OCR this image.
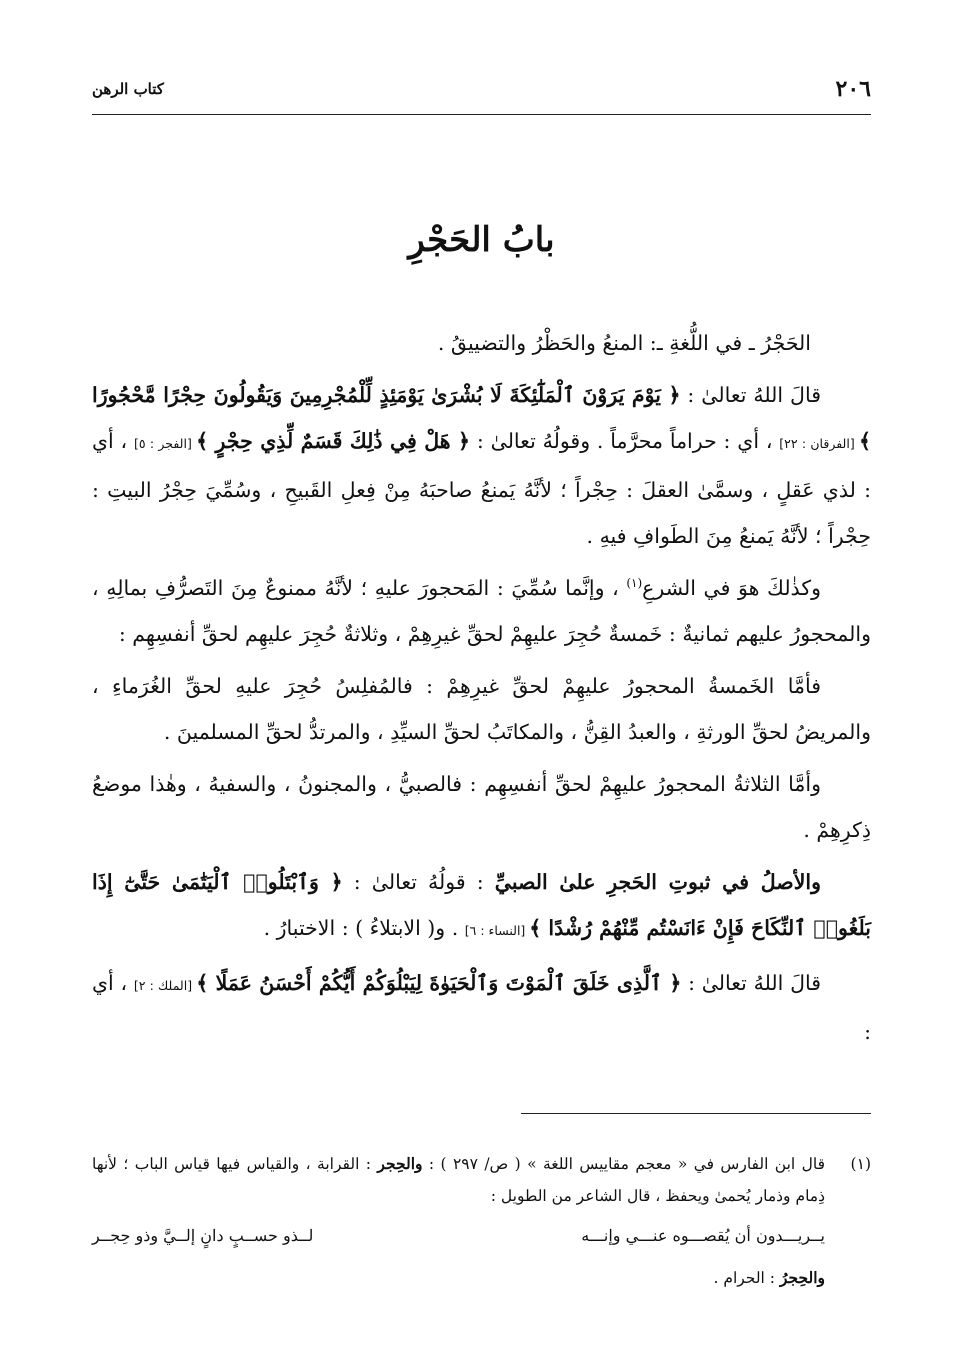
٢٠٦
كتاب الرهن
بابُ الحَجْرِ

الحَجْرُ ـ في اللُّغةِ ـ: المنعُ والحَظْرُ والتضييقُ .

قالَ اللهُ تعالىٰ : ﴿ يَوْمَ يَرَوْنَ ٱلْمَلَٰٓئِكَةَ لَا بُشْرَىٰ يَوْمَئِذٍ لِّلْمُجْرِمِينَ وَيَقُولُونَ حِجْرًا مَّحْجُورًا ﴾ [الفرقان : ٢٢] ، أي : حراماً محرَّماً . وقولُهُ تعالىٰ : ﴿ هَلْ فِي ذَٰلِكَ قَسَمٌ لِّذِي حِجْرٍ ﴾ [الفجر : ٥] ، أي : لذي عَقلٍ ، وسمَّىٰ العقلَ : حِجْراً ؛ لأنَّهُ يَمنعُ صاحبَهُ مِنْ فِعلِ القَبيحِ ، وسُمِّيَ حِجْرُ البيتِ : حِجْراً ؛ لأنَّهُ يَمنعُ مِنَ الطَوافِ فيهِ .

وكذٰلكَ هوَ في الشرعِ$^{(١)}$ ، وإنَّما سُمِّيَ : المَحجورَ عليهِ ؛ لأنَّهُ ممنوعٌ مِنَ التَصرُّفِ بمالِهِ ، والمحجورُ عليهم ثمانيةٌ : خَمسةٌ حُجِرَ عليهِمْ لحقِّ غيرِهِمْ ، وثلاثةٌ حُجِرَ عليهِم لحقِّ أنفسِهِم :

فأمَّا الخَمسةُ المحجورُ عليهِمْ لحقِّ غيرِهِمْ : فالمُفلِسُ حُجِرَ عليهِ لحقِّ الغُرَماءِ ، والمريضُ لحقِّ الورثةِ ، والعبدُ القِنُّ ، والمكاتَبُ لحقِّ السيِّدِ ، والمرتدُّ لحقِّ المسلمينَ .

وأمَّا الثلاثةُ المحجورُ عليهِمْ لحقِّ أنفسِهِم : فالصبيُّ ، والمجنونُ ، والسفيهُ ، وهٰذا موضعُ ذِكرِهِمْ .

والأصلُ في ثبوتِ الحَجرِ علىٰ الصبيِّ : قولُهُ تعالىٰ : ﴿ وَٱبْتَلُوا۟ ٱلْيَتَٰمَىٰ حَتَّىٰٓ إِذَا بَلَغُوا۟ ٱلنِّكَاحَ فَإِنْ ءَانَسْتُم مِّنْهُمْ رُشْدًا ﴾ [النساء : ٦] . و( الابتلاءُ ) : الاختبارُ .

قالَ اللهُ تعالىٰ : ﴿ ٱلَّذِى خَلَقَ ٱلْمَوْتَ وَٱلْحَيَوٰةَ لِيَبْلُوَكُمْ أَيُّكُمْ أَحْسَنُ عَمَلًا ﴾ [الملك : ٢] ، أي :

(١)
قال ابن الفارس في « معجم مقاييس اللغة » ( ص/ ٢٩٧ ) : والحِجر : القرابة ، والقياس فيها قياس الباب ؛ لأنها ذِمام وذمار يُحمىٰ ويحفظ ، قال الشاعر من الطويل :
يــريـــدون أن يُقصـــوه عنـــي وإنـــه
لــذو حســبٍ دانٍ إلــيَّ وذو حِجــر
والحِجرُ : الحرام .
